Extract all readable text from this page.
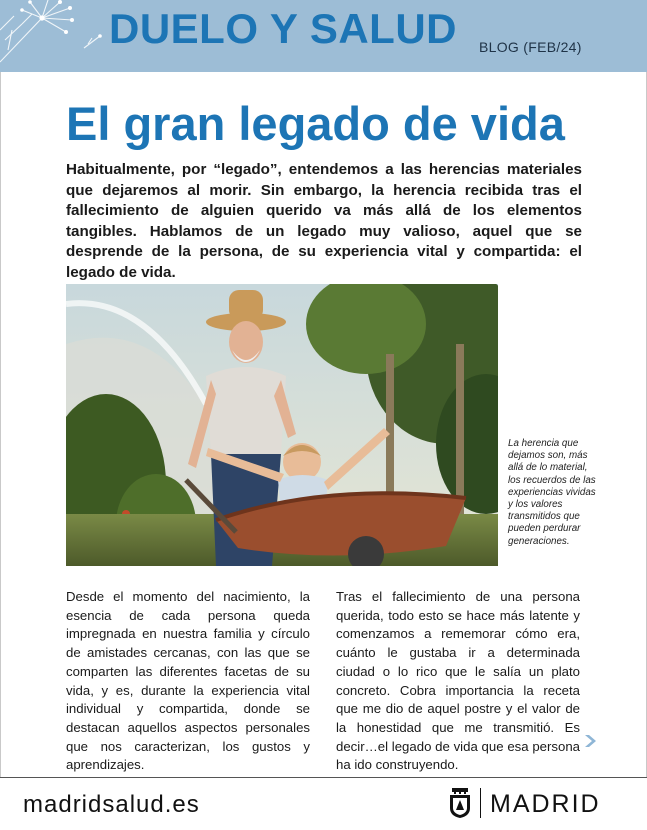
DUELO Y SALUD BLOG (FEB/24)
El gran legado de vida

Habitualmente, por “legado”, entendemos a las herencias materiales que dejaremos al morir. Sin embargo, la herencia recibida tras el fallecimiento de alguien querido va más allá de los elementos tangibles. Hablamos de un legado muy valioso, aquel que se desprende de la persona, de su experiencia vital y compartida: el legado de vida.

La herencia que dejamos son, más allá de lo material, los recuerdos de las experiencias vividas y los valores transmitidos que pueden perdurar generaciones.

Desde el momento del nacimiento, la esencia de cada persona queda impregnada en nuestra familia y círculo de amistades cercanas, con las que se comparten las diferentes facetas de su vida, y es, durante la experiencia vital individual y compartida, donde se destacan aquellos aspectos personales que nos caracterizan, los gustos y aprendizajes.

Tras el fallecimiento de una persona querida, todo esto se hace más latente y comenzamos a rememorar cómo era, cuánto le gustaba ir a determinada ciudad o lo rico que le salía un plato concreto. Cobra importancia la receta que me dio de aquel postre y el valor de la honestidad que me transmitió. Es decir…el legado de vida que esa persona ha ido construyendo.

madridsalud.es	MADRID
